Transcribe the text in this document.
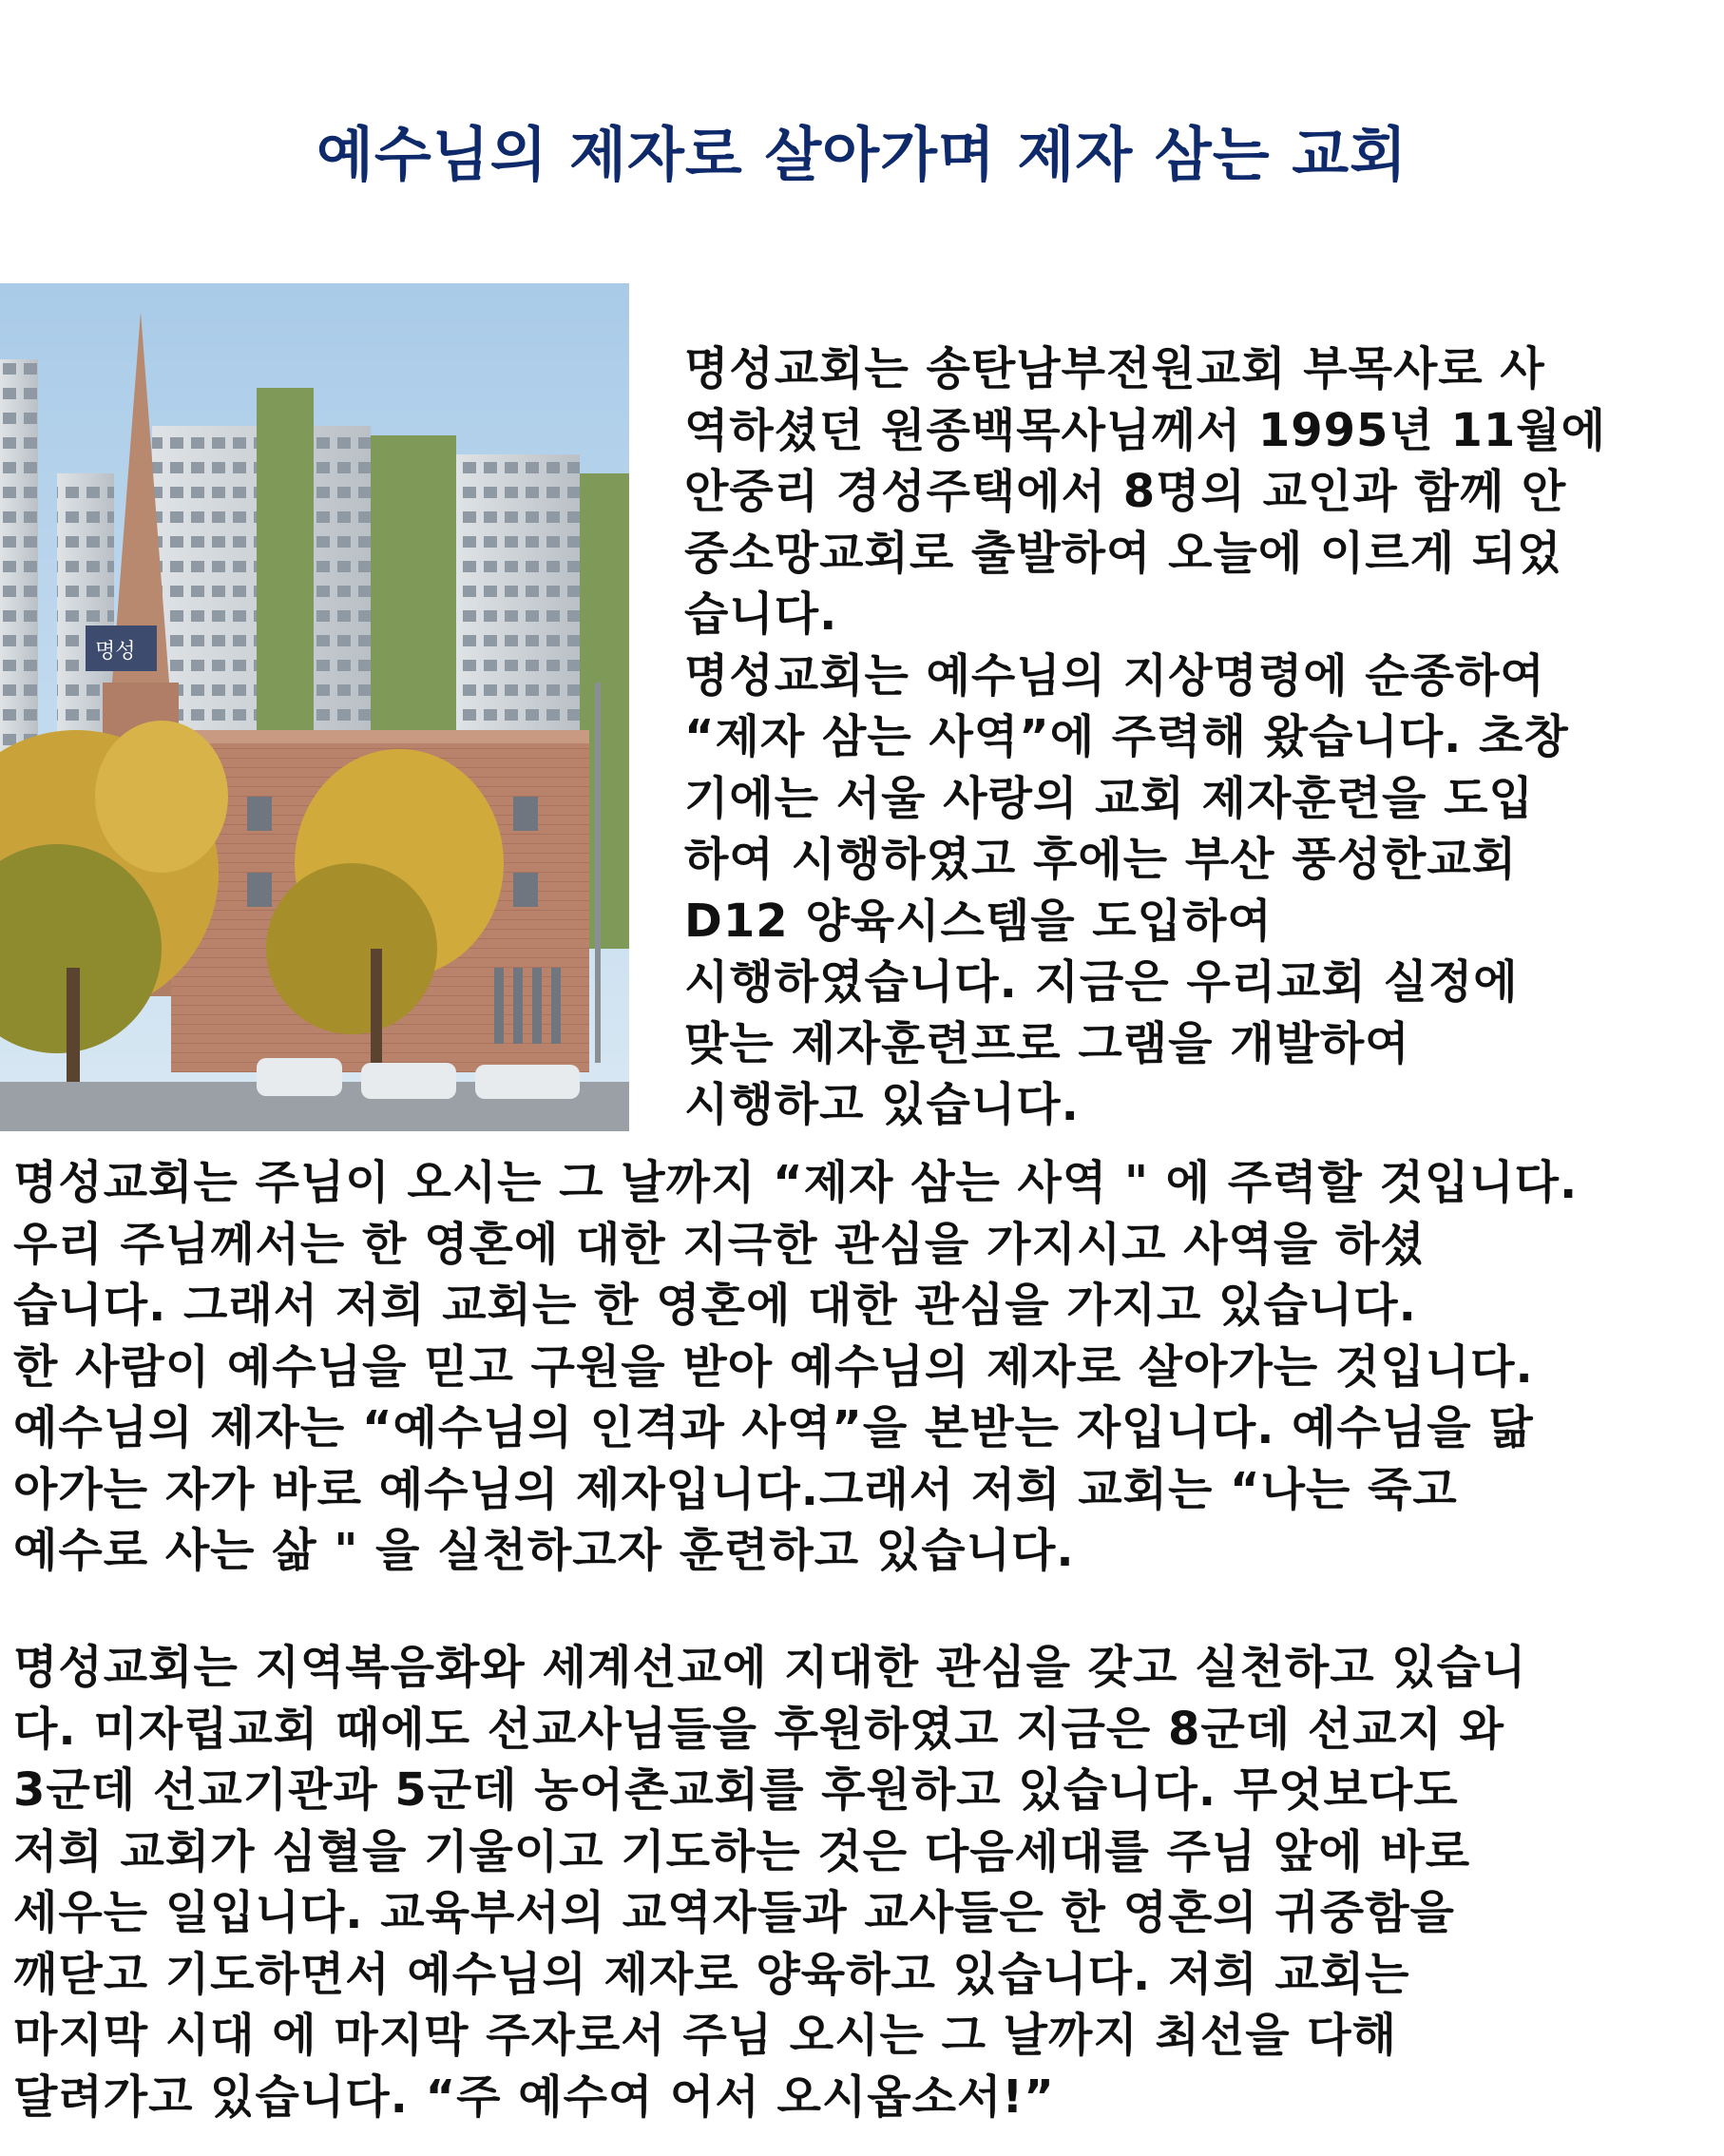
예수님의 제자로 살아가며 제자 삼는 교회
명성
명성교회는 송탄남부전원교회 부목사로 사
역하셨던 원종백목사님께서 1995년 11월에
안중리 경성주택에서 8명의 교인과 함께 안
중소망교회로 출발하여 오늘에 이르게 되었
습니다.
명성교회는 예수님의 지상명령에 순종하여
“제자 삼는 사역”에 주력해 왔습니다. 초창
기에는 서울 사랑의 교회 제자훈련을 도입
하여 시행하였고 후에는 부산 풍성한교회
D12 양육시스템을 도입하여
시행하였습니다. 지금은 우리교회 실정에
맞는 제자훈련프로 그램을 개발하여
시행하고 있습니다.
명성교회는 주님이 오시는 그 날까지 “제자 삼는 사역 " 에 주력할 것입니다.
우리 주님께서는 한 영혼에 대한 지극한 관심을 가지시고 사역을 하셨
습니다. 그래서 저희 교회는 한 영혼에 대한 관심을 가지고 있습니다.
한 사람이 예수님을 믿고 구원을 받아 예수님의 제자로 살아가는 것입니다.
예수님의 제자는 “예수님의 인격과 사역”을 본받는 자입니다. 예수님을 닮
아가는 자가 바로 예수님의 제자입니다.그래서 저희 교회는 “나는 죽고
예수로 사는 삶 " 을 실천하고자 훈련하고 있습니다.
명성교회는 지역복음화와 세계선교에 지대한 관심을 갖고 실천하고 있습니
다. 미자립교회 때에도 선교사님들을 후원하였고 지금은 8군데 선교지 와
3군데 선교기관과 5군데 농어촌교회를 후원하고 있습니다. 무엇보다도
저희 교회가 심혈을 기울이고 기도하는 것은 다음세대를 주님 앞에 바로
세우는 일입니다. 교육부서의 교역자들과 교사들은 한 영혼의 귀중함을
깨닫고 기도하면서 예수님의 제자로 양육하고 있습니다. 저희 교회는
마지막 시대 에 마지막 주자로서 주님 오시는 그 날까지 최선을 다해
달려가고 있습니다. “주 예수여 어서 오시옵소서!”
